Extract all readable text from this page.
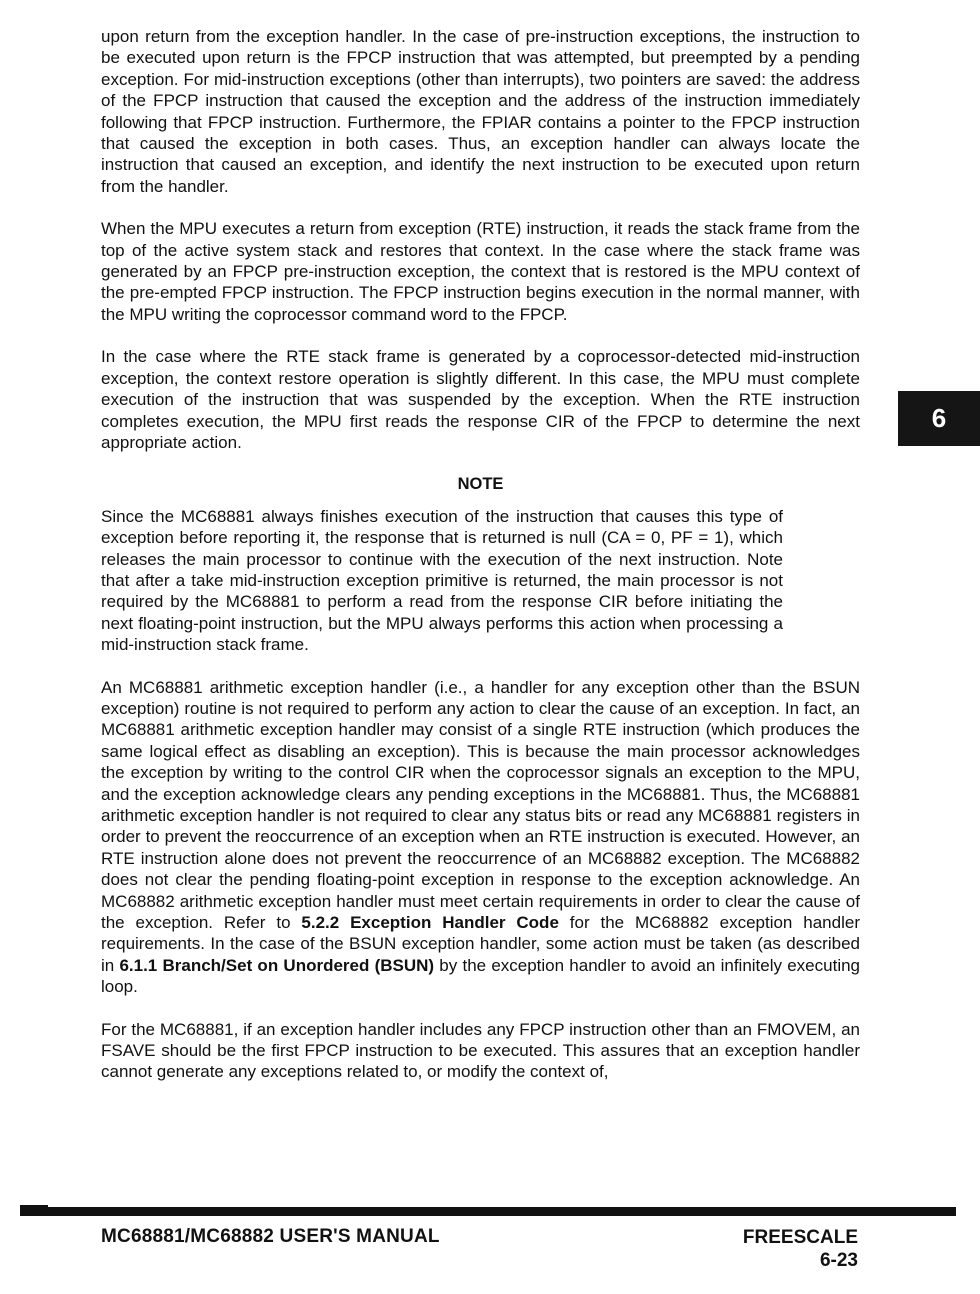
upon return from the exception handler. In the case of pre-instruction exceptions, the instruction to be executed upon return is the FPCP instruction that was attempted, but preempted by a pending exception. For mid-instruction exceptions (other than interrupts), two pointers are saved: the address of the FPCP instruction that caused the exception and the address of the instruction immediately following that FPCP instruction. Furthermore, the FPIAR contains a pointer to the FPCP instruction that caused the exception in both cases. Thus, an exception handler can always locate the instruction that caused an exception, and identify the next instruction to be executed upon return from the handler.

When the MPU executes a return from exception (RTE) instruction, it reads the stack frame from the top of the active system stack and restores that context. In the case where the stack frame was generated by an FPCP pre-instruction exception, the context that is restored is the MPU context of the pre-empted FPCP instruction. The FPCP instruction begins execution in the normal manner, with the MPU writing the coprocessor command word to the FPCP.

In the case where the RTE stack frame is generated by a coprocessor-detected mid-instruction exception, the context restore operation is slightly different. In this case, the MPU must complete execution of the instruction that was suspended by the exception. When the RTE instruction completes execution, the MPU first reads the response CIR of the FPCP to determine the next appropriate action.

NOTE

Since the MC68881 always finishes execution of the instruction that causes this type of exception before reporting it, the response that is returned is null (CA = 0, PF = 1), which releases the main processor to continue with the execution of the next instruction. Note that after a take mid-instruction exception primitive is returned, the main processor is not required by the MC68881 to perform a read from the response CIR before initiating the next floating-point instruction, but the MPU always performs this action when processing a mid-instruction stack frame.

An MC68881 arithmetic exception handler (i.e., a handler for any exception other than the BSUN exception) routine is not required to perform any action to clear the cause of an exception. In fact, an MC68881 arithmetic exception handler may consist of a single RTE instruction (which produces the same logical effect as disabling an exception). This is because the main processor acknowledges the exception by writing to the control CIR when the coprocessor signals an exception to the MPU, and the exception acknowledge clears any pending exceptions in the MC68881. Thus, the MC68881 arithmetic exception handler is not required to clear any status bits or read any MC68881 registers in order to prevent the reoccurrence of an exception when an RTE instruction is executed. However, an RTE instruction alone does not prevent the reoccurrence of an MC68882 exception. The MC68882 does not clear the pending floating-point exception in response to the exception acknowledge. An MC68882 arithmetic exception handler must meet certain requirements in order to clear the cause of the exception. Refer to 5.2.2 Exception Handler Code for the MC68882 exception handler requirements. In the case of the BSUN exception handler, some action must be taken (as described in 6.1.1 Branch/Set on Unordered (BSUN) by the exception handler to avoid an infinitely executing loop.

For the MC68881, if an exception handler includes any FPCP instruction other than an FMOVEM, an FSAVE should be the first FPCP instruction to be executed. This assures that an exception handler cannot generate any exceptions related to, or modify the context of,

6
MC68881/MC68882 USER'S MANUAL	FREESCALE
6-23
